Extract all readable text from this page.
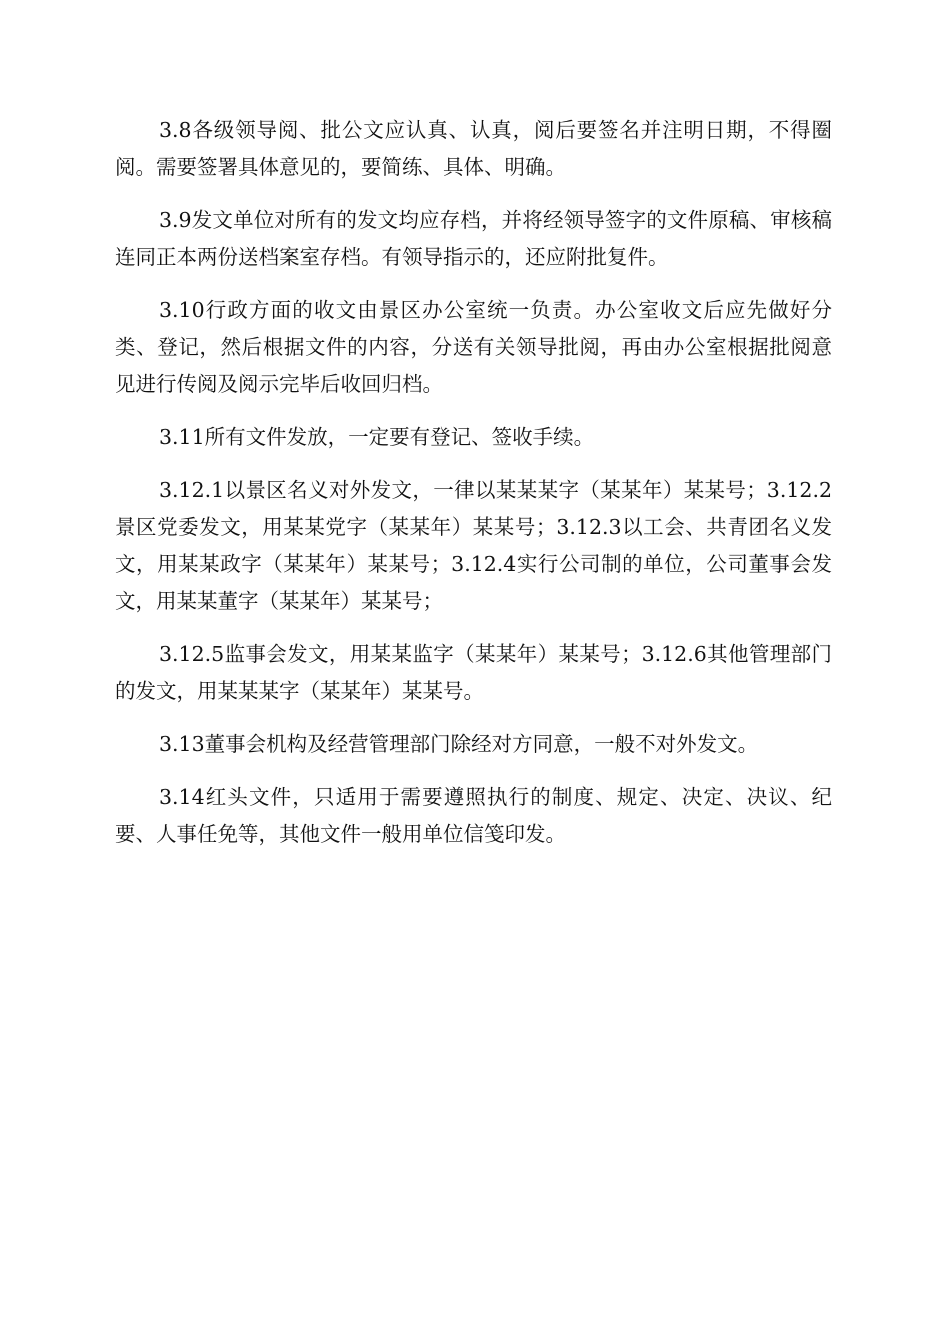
3.8各级领导阅、批公文应认真、认真，阅后要签名并注明日期，不得圈阅。需要签署具体意见的，要简练、具体、明确。

3.9发文单位对所有的发文均应存档，并将经领导签字的文件原稿、审核稿连同正本两份送档案室存档。有领导指示的，还应附批复件。

3.10行政方面的收文由景区办公室统一负责。办公室收文后应先做好分类、登记，然后根据文件的内容，分送有关领导批阅，再由办公室根据批阅意见进行传阅及阅示完毕后收回归档。

3.11所有文件发放，一定要有登记、签收手续。

3.12.1以景区名义对外发文，一律以某某某字（某某年）某某号；3.12.2景区党委发文，用某某党字（某某年）某某号；3.12.3以工会、共青团名义发文，用某某政字（某某年）某某号；3.12.4实行公司制的单位，公司董事会发文，用某某董字（某某年）某某号；

3.12.5监事会发文，用某某监字（某某年）某某号；3.12.6其他管理部门的发文，用某某某字（某某年）某某号。

3.13董事会机构及经营管理部门除经对方同意，一般不对外发文。

3.14红头文件，只适用于需要遵照执行的制度、规定、决定、决议、纪要、人事任免等，其他文件一般用单位信笺印发。
